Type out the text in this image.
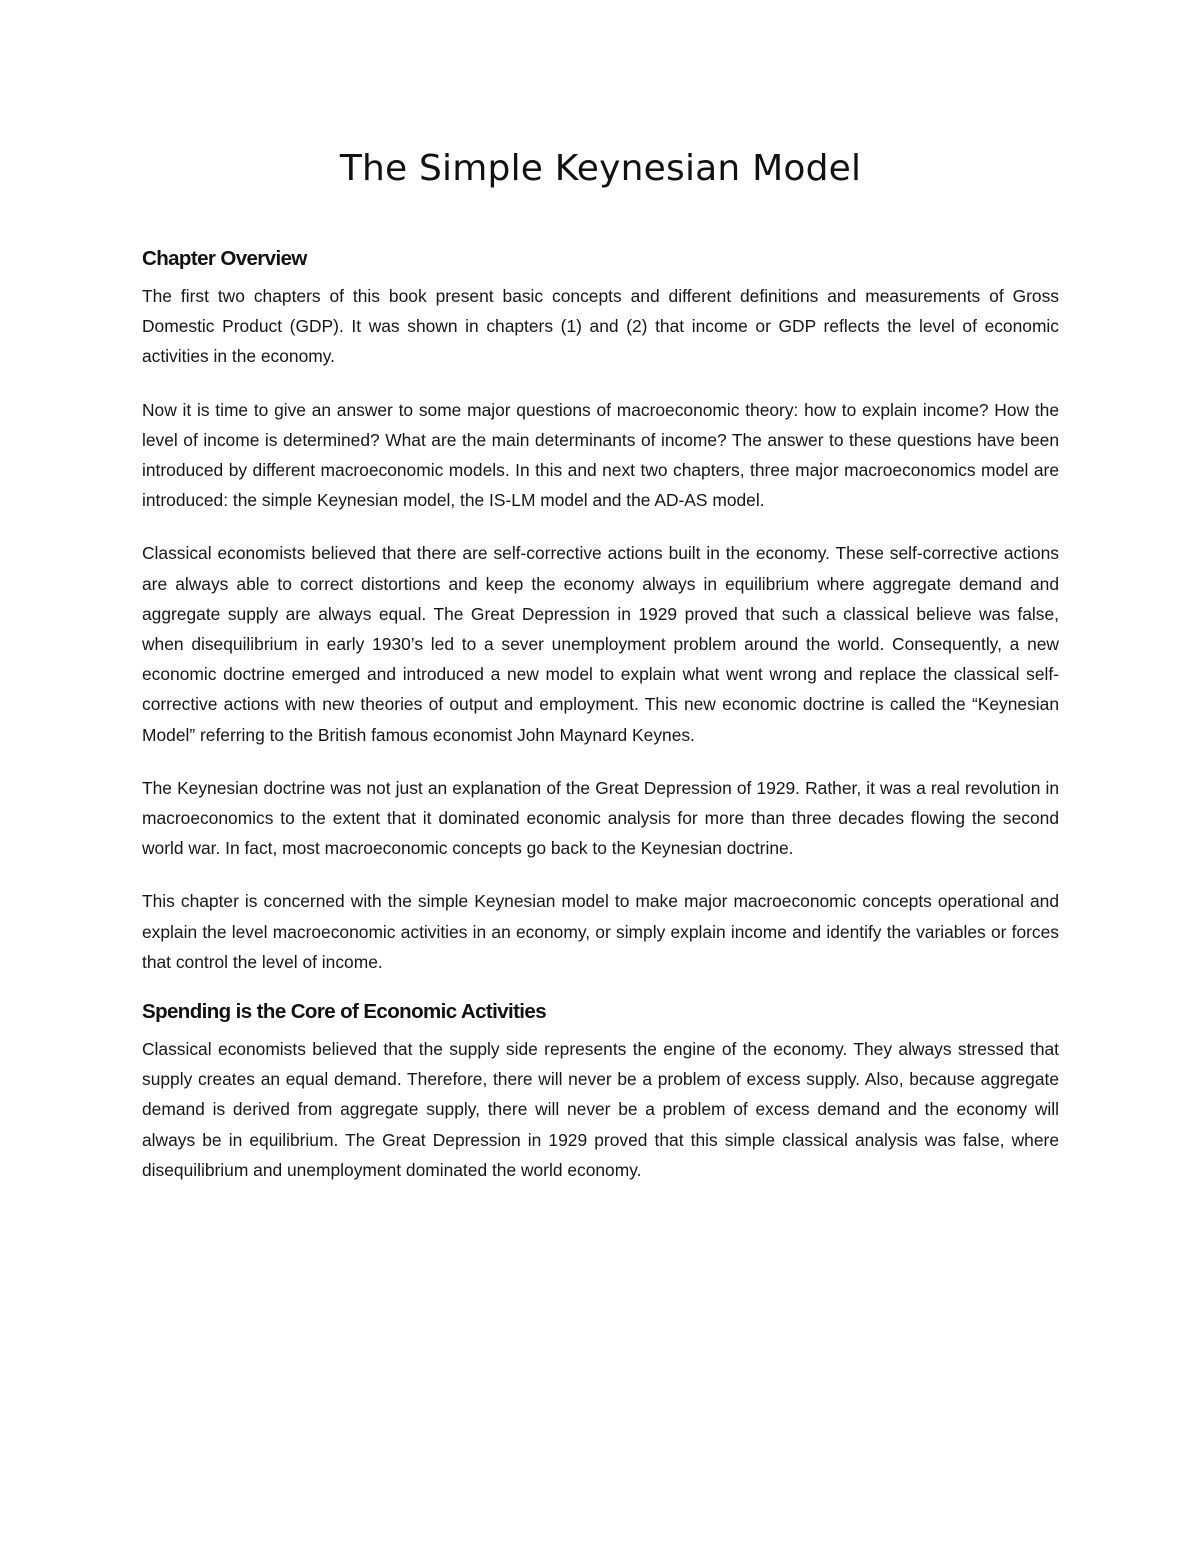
The Simple Keynesian Model
Chapter Overview

The first two chapters of this book present basic concepts and different definitions and measurements of Gross Domestic Product (GDP). It was shown in chapters (1) and (2) that income or GDP reflects the level of economic activities in the economy.

Now it is time to give an answer to some major questions of macroeconomic theory: how to explain income? How the level of income is determined? What are the main determinants of income? The answer to these questions have been introduced by different macroeconomic models. In this and next two chapters, three major macroeconomics model are introduced: the simple Keynesian model, the IS-LM model and the AD-AS model.

Classical economists believed that there are self-corrective actions built in the economy. These self-corrective actions are always able to correct distortions and keep the economy always in equilibrium where aggregate demand and aggregate supply are always equal. The Great Depression in 1929 proved that such a classical believe was false, when disequilibrium in early 1930’s led to a sever unemployment problem around the world. Consequently, a new economic doctrine emerged and introduced a new model to explain what went wrong and replace the classical self-corrective actions with new theories of output and employment. This new economic doctrine is called the “Keynesian Model” referring to the British famous economist John Maynard Keynes.

The Keynesian doctrine was not just an explanation of the Great Depression of 1929. Rather, it was a real revolution in macroeconomics to the extent that it dominated economic analysis for more than three decades flowing the second world war. In fact, most macroeconomic concepts go back to the Keynesian doctrine.

This chapter is concerned with the simple Keynesian model to make major macroeconomic concepts operational and explain the level macroeconomic activities in an economy, or simply explain income and identify the variables or forces that control the level of income.

Spending is the Core of Economic Activities

Classical economists believed that the supply side represents the engine of the economy. They always stressed that supply creates an equal demand. Therefore, there will never be a problem of excess supply. Also, because aggregate demand is derived from aggregate supply, there will never be a problem of excess demand and the economy will always be in equilibrium. The Great Depression in 1929 proved that this simple classical analysis was false, where disequilibrium and unemployment dominated the world economy.
